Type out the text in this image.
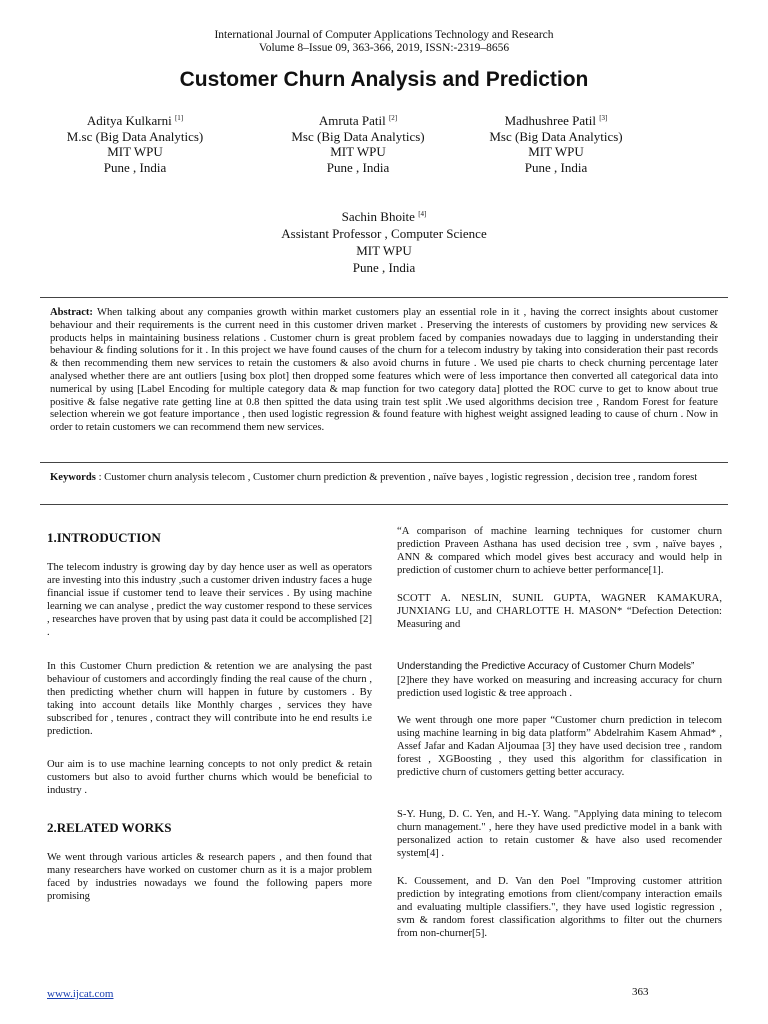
International Journal of Computer Applications Technology and Research
Volume 8–Issue 09, 363-366, 2019, ISSN:-2319–8656
Customer Churn Analysis and Prediction
Aditya Kulkarni [1]
M.sc (Big Data Analytics)
MIT WPU
Pune , India
Amruta Patil [2]
Msc (Big Data Analytics)
MIT WPU
Pune , India
Madhushree Patil [3]
Msc (Big Data Analytics)
MIT WPU
Pune , India
Sachin Bhoite [4]
Assistant Professor , Computer Science
MIT WPU
Pune , India
Abstract: When talking about any companies growth within market customers play an essential role in it , having the correct insights about customer behaviour and their requirements is the current need in this customer driven market . Preserving the interests of customers by providing new services & products helps in maintaining business relations . Customer churn is great problem faced by companies nowadays due to lagging in understanding their behaviour & finding solutions for it . In this project we have found causes of the churn for a telecom industry by taking into consideration their past records & then recommending them new services to retain the customers & also avoid churns in future . We used pie charts to check churning percentage later analysed whether there are ant outliers [using box plot] then dropped some features which were of less importance then converted all categorical data into numerical by using [Label Encoding for multiple category data & map function for two category data] plotted the ROC curve to get to know about true positive & false negative rate getting line at 0.8 then spitted the data using train test split .We used algorithms decision tree , Random Forest for feature selection wherein we got feature importance , then used logistic regression & found feature with highest weight assigned leading to cause of churn . Now in order to retain customers we can recommend them new services.
Keywords : Customer churn analysis telecom , Customer churn prediction & prevention , naïve bayes , logistic regression , decision tree , random forest
1.INTRODUCTION
The telecom industry is growing day by day hence user as well as operators are investing into this industry ,such a customer driven industry faces a huge financial issue if customer tend to leave their services . By using machine learning we can analyse , predict the way customer respond to these services , researches have proven that by using past data it could be accomplished [2] .
In this Customer Churn prediction & retention we are analysing the past behaviour of customers and accordingly finding the real cause of the churn , then predicting whether churn will happen in future by customers . By taking into account details like Monthly charges , services they have subscribed for , tenures , contract they will contribute into he end results i.e prediction.
Our aim is to use machine learning concepts to not only predict & retain customers but also to avoid further churns which would be beneficial to industry .
2.RELATED WORKS
We went through various articles & research papers , and then found that many researchers have worked on customer churn as it is a major problem faced by industries nowadays we found the following papers more promising
“A comparison of machine learning techniques for customer churn prediction Praveen Asthana has used decision tree , svm , naïve bayes , ANN & compared which model gives best accuracy and would help in prediction of customer churn to achieve better performance[1].
SCOTT A. NESLIN, SUNIL GUPTA, WAGNER KAMAKURA, JUNXIANG LU, and CHARLOTTE H. MASON* “Defection Detection: Measuring and
Understanding the Predictive Accuracy of Customer Churn Models”
[2]here they have worked on measuring and increasing accuracy for churn prediction used logistic & tree approach .
We went through one more paper “Customer churn prediction in telecom using machine learning in big data platform” Abdelrahim Kasem Ahmad* , Assef Jafar and Kadan Aljoumaa [3] they have used decision tree , random forest , XGBoosting , they used this algorithm for classification in predictive churn of customers getting better accuracy.
S-Y. Hung, D. C. Yen, and H.-Y. Wang. "Applying data mining to telecom churn management." , here they have used predictive model in a bank with personalized action to retain customer & have also used recomender system[4] .
K. Coussement, and D. Van den Poel "Improving customer attrition prediction by integrating emotions from client/company interaction emails and evaluating multiple classifiers.", they have used logistic regression , svm & random forest classification algorithms to filter out the churners from non-churner[5].
www.ijcat.com	363
